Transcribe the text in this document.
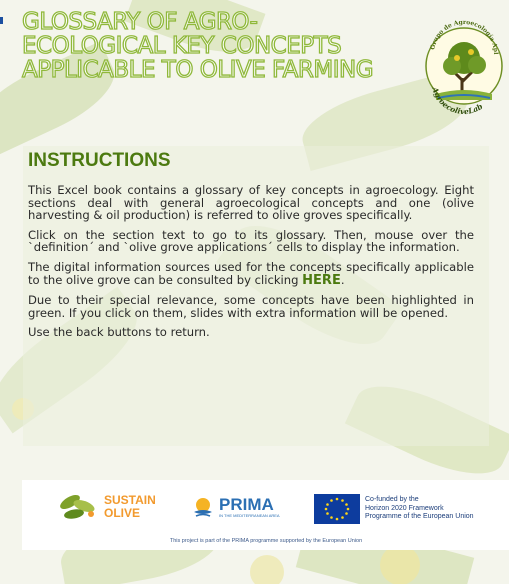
GLOSSARY OF AGRO-
ECOLOGICAL KEY CONCEPTS
APPLICABLE TO OLIVE FARMING
Grupo de Agroecología Apl
AgroecoliveLab
INSTRUCTIONS

This Excel book contains a glossary of key concepts in agroecology. Eight sections deal with general agroecological concepts and one (olive harvesting & oil production) is referred to olive groves specifically.

Click on the section text to go to its glossary. Then, mouse over the `definition´ and `olive grove applications´ cells to display the information.

The digital information sources used for the concepts specifically applicable to the olive grove can be consulted by clicking HERE.

Due to their special relevance, some concepts have been highlighted in green. If you click on them, slides with extra information will be opened.

Use the back buttons to return.

SUSTAIN
OLIVE	PRIMA
IN THE MEDITERRANEAN AREA
Co-funded by the
Horizon 2020 Framework
Programme of the European Union
This project is part of the PRIMA programme supported by the European Union
